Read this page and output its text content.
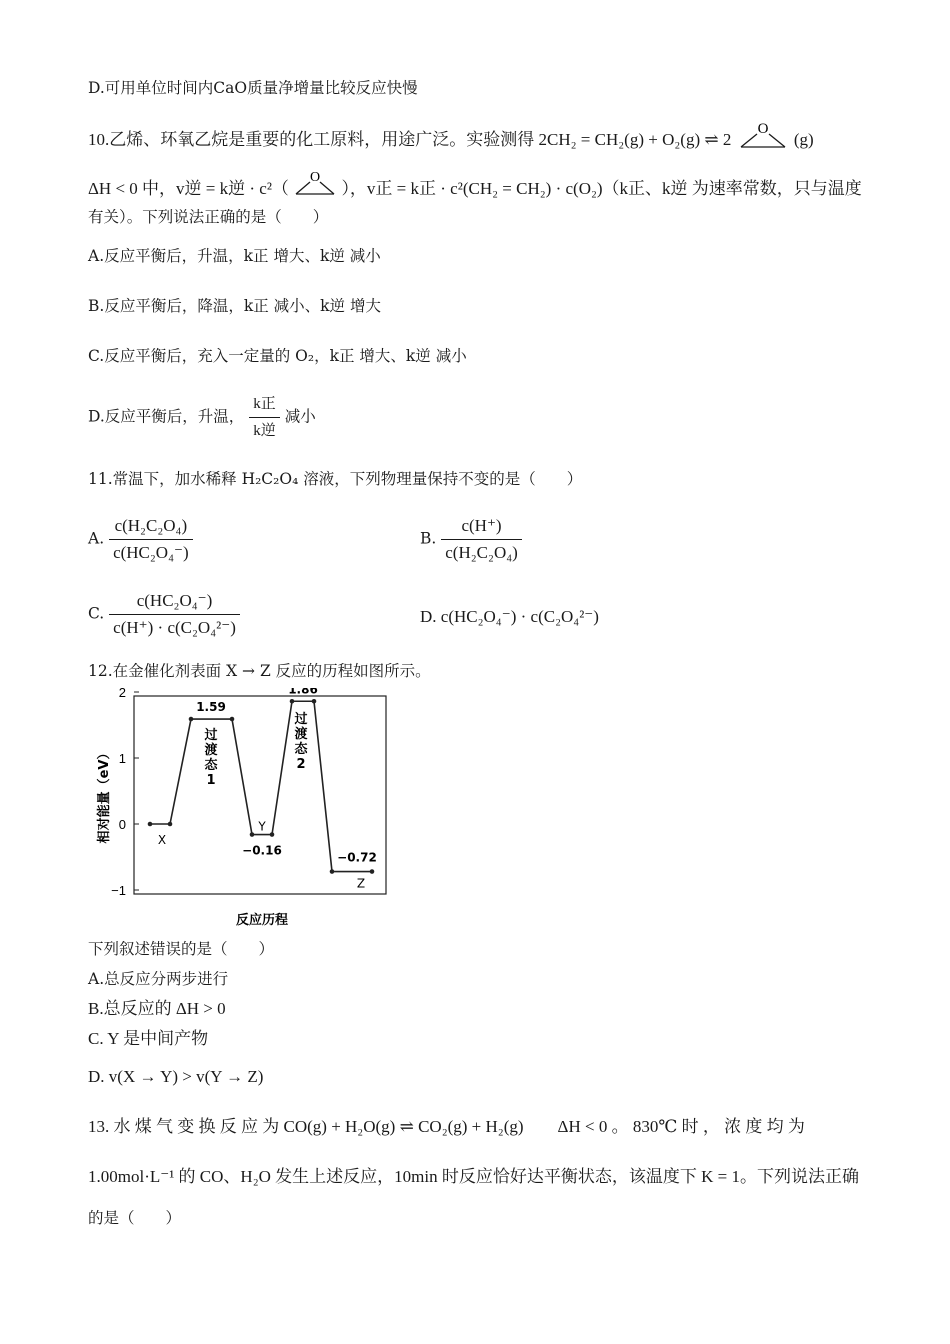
D.可用单位时间内CaO质量净增量比较反应快慢
10.乙烯、环氧乙烷是重要的化工原料，用途广泛。实验测得 2CH₂ = CH₂(g) + O₂(g) ⇌ 2
O
(g)
ΔH < 0 中，v逆 = k逆 · c²（
O
），v正 = k正 · c²(CH₂ = CH₂) · c(O₂)（k正、k逆 为速率常数，只与温度
有关）。下列说法正确的是（　　）
A.反应平衡后，升温，k正 增大、k逆 减小
B.反应平衡后，降温，k正 减小、k逆 增大
C.反应平衡后，充入一定量的 O₂，k正 增大、k逆 减小
D.反应平衡后，升温， $\frac{\text{k正}}{\text{k逆}}$ 减小
11.常温下，加水稀释 H₂C₂O₄ 溶液，下列物理量保持不变的是（　　）
A. $\frac{\text{c(H₂C₂O₄)}}{\text{c(HC₂O₄⁻)}}$	B. $\frac{c(H^+)}{\text{c(H₂C₂O₄)}}$
C. $\frac{\text{c(HC₂O₄⁻)}}{\text{c(H⁺) · c(C₂O₄²⁻)}}$	D. c(HC₂O₄⁻) · c(C₂O₄²⁻)
12.在金催化剂表面 X → Z 反应的历程如图所示。
2
1
0
−1
相对能量（eV）
反应历程
X
Y
Z
1.59
−0.16
1.86
−0.72
过
渡
态
1
过
渡
态
2
下列叙述错误的是（　　）
A.总反应分两步进行
B.总反应的 ΔH > 0
C. Y 是中间产物
D. v(X → Y) > v(Y → Z)
13. 水 煤 气 变 换 反 应 为 CO(g) + H₂O(g) ⇌ CO₂(g) + H₂(g)　　ΔH < 0 。 830℃ 时 ， 浓 度 均 为
1.00mol·L⁻¹ 的 CO、H₂O 发生上述反应，10min 时反应恰好达平衡状态，该温度下 K = 1。下列说法正确
的是（　　）
